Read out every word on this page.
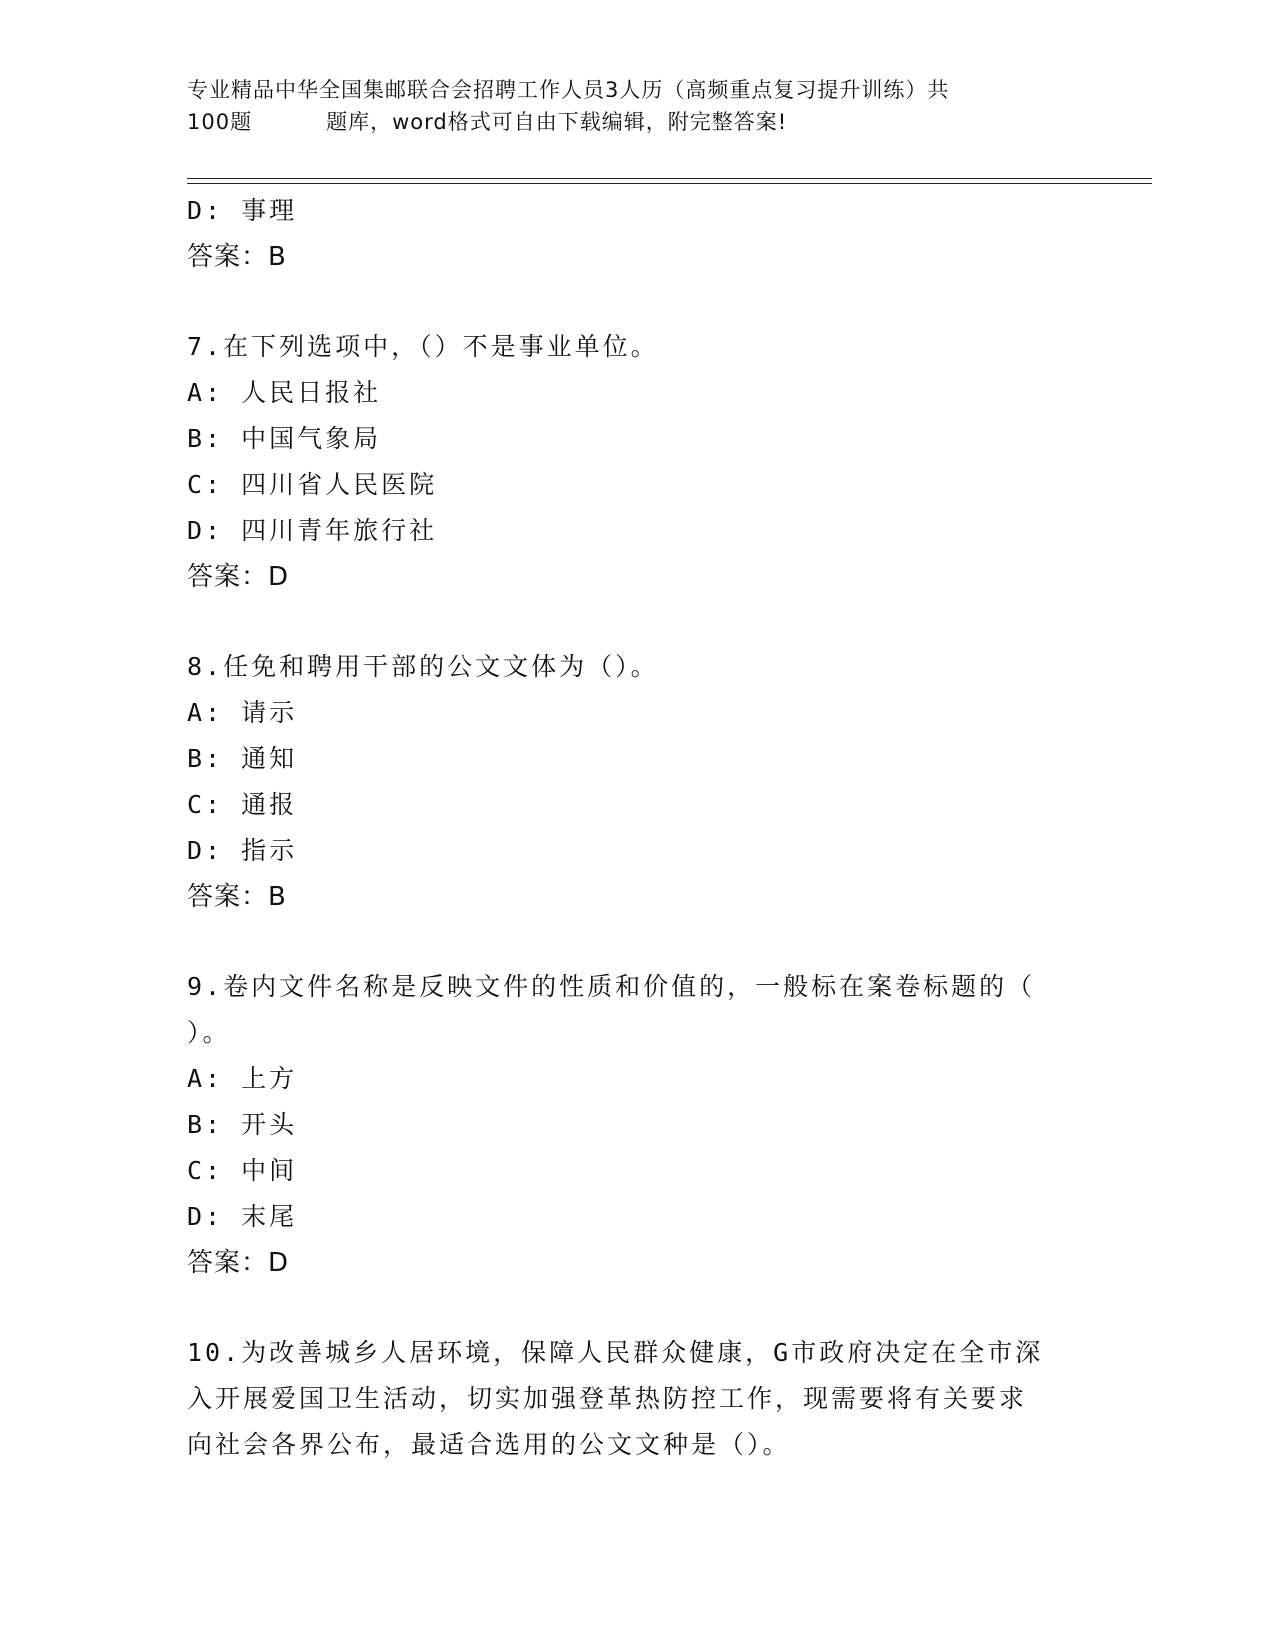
专业精品中华全国集邮联合会招聘工作人员3人历（高频重点复习提升训练）共
100题	题库，word格式可自由下载编辑，附完整答案!
D: 事理
答案：B
7.在下列选项中，（）不是事业单位。
A: 人民日报社
B: 中国气象局
C: 四川省人民医院
D: 四川青年旅行社
答案：D
8.任免和聘用干部的公文文体为（）。
A: 请示
B: 通知
C: 通报
D: 指示
答案：B
9.卷内文件名称是反映文件的性质和价值的，一般标在案卷标题的（
）。
A: 上方
B: 开头
C: 中间
D: 末尾
答案：D
10.为改善城乡人居环境，保障人民群众健康，G市政府决定在全市深
入开展爱国卫生活动，切实加强登革热防控工作，现需要将有关要求
向社会各界公布，最适合选用的公文文种是（）。
